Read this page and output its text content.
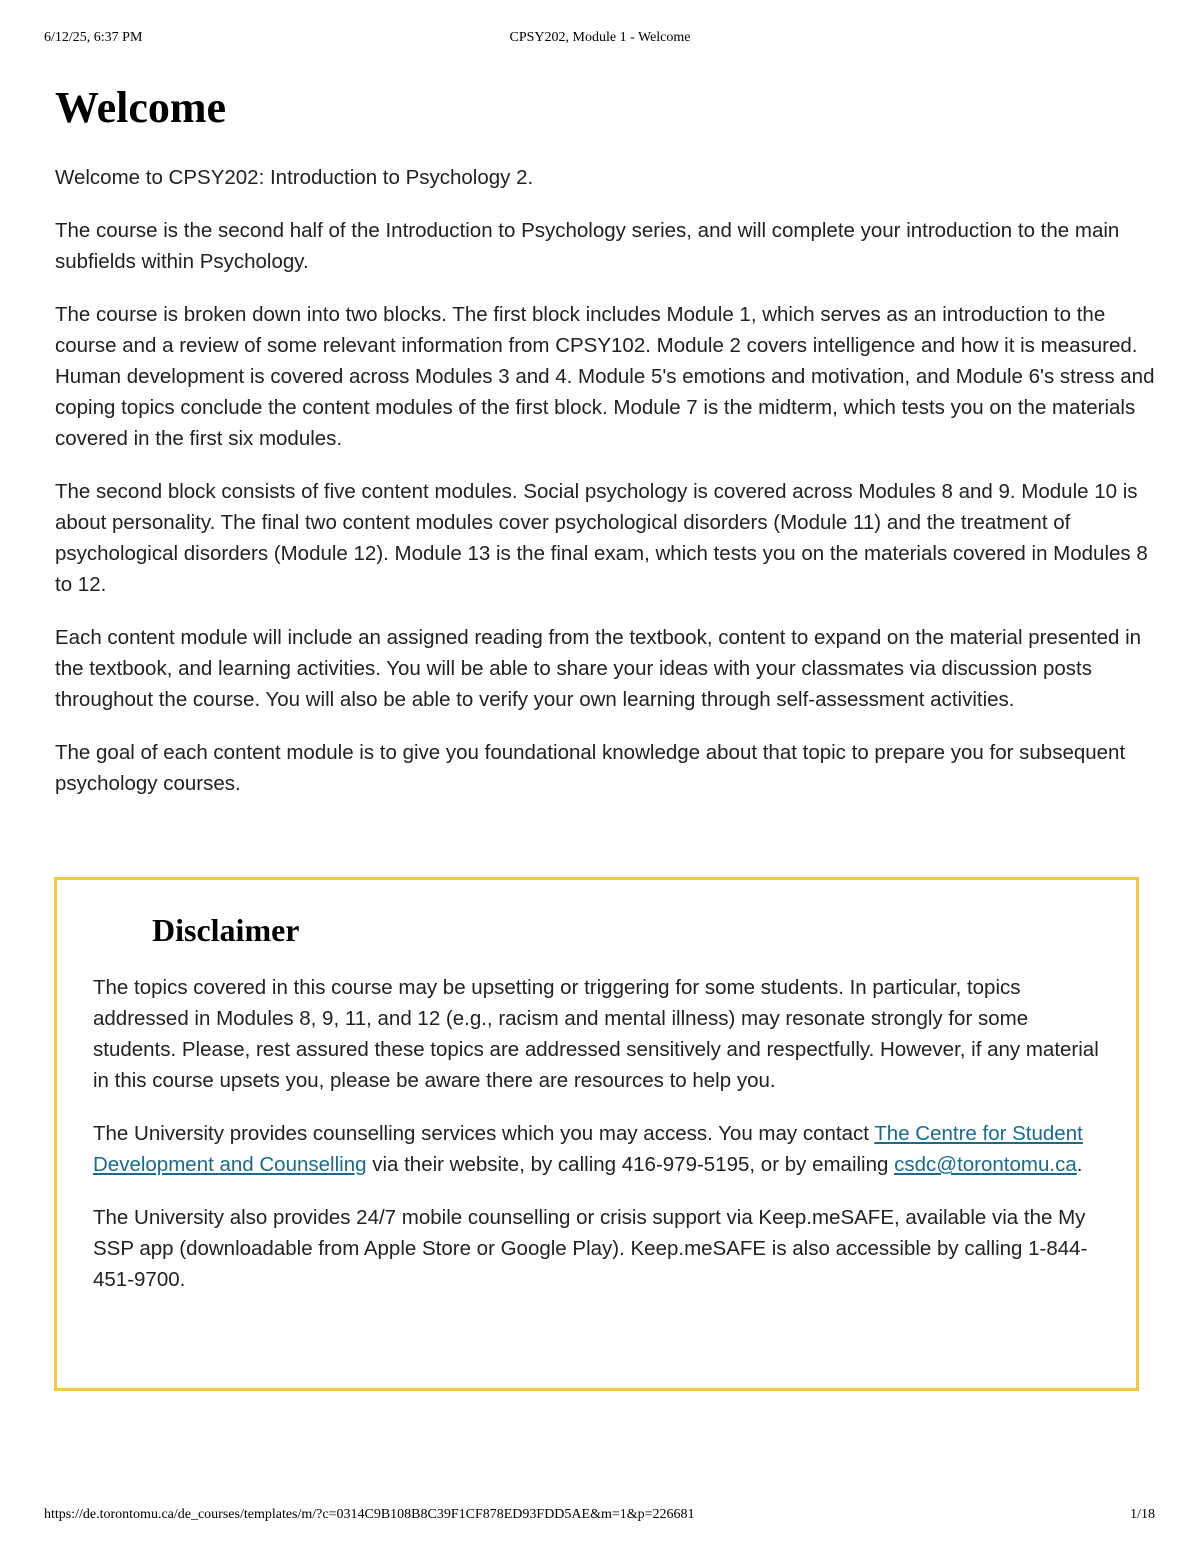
6/12/25, 6:37 PM	CPSY202, Module 1 - Welcome
Welcome

Welcome to CPSY202: Introduction to Psychology 2.

The course is the second half of the Introduction to Psychology series, and will complete your introduction to the main subfields within Psychology.

The course is broken down into two blocks. The first block includes Module 1, which serves as an introduction to the course and a review of some relevant information from CPSY102. Module 2 covers intelligence and how it is measured. Human development is covered across Modules 3 and 4. Module 5's emotions and motivation, and Module 6's stress and coping topics conclude the content modules of the first block. Module 7 is the midterm, which tests you on the materials covered in the first six modules.

The second block consists of five content modules. Social psychology is covered across Modules 8 and 9. Module 10 is about personality. The final two content modules cover psychological disorders (Module 11) and the treatment of psychological disorders (Module 12). Module 13 is the final exam, which tests you on the materials covered in Modules 8 to 12.

Each content module will include an assigned reading from the textbook, content to expand on the material presented in the textbook, and learning activities. You will be able to share your ideas with your classmates via discussion posts throughout the course. You will also be able to verify your own learning through self-assessment activities.

The goal of each content module is to give you foundational knowledge about that topic to prepare you for subsequent psychology courses.

Disclaimer

The topics covered in this course may be upsetting or triggering for some students. In particular, topics addressed in Modules 8, 9, 11, and 12 (e.g., racism and mental illness) may resonate strongly for some students. Please, rest assured these topics are addressed sensitively and respectfully. However, if any material in this course upsets you, please be aware there are resources to help you.

The University provides counselling services which you may access. You may contact The Centre for Student Development and Counselling via their website, by calling 416-979-5195, or by emailing csdc@torontomu.ca.

The University also provides 24/7 mobile counselling or crisis support via Keep.meSAFE, available via the My SSP app (downloadable from Apple Store or Google Play). Keep.meSAFE is also accessible by calling 1-844-451-9700.

https://de.torontomu.ca/de_courses/templates/m/?c=0314C9B108B8C39F1CF878ED93FDD5AE&m=1&p=226681	1/18
